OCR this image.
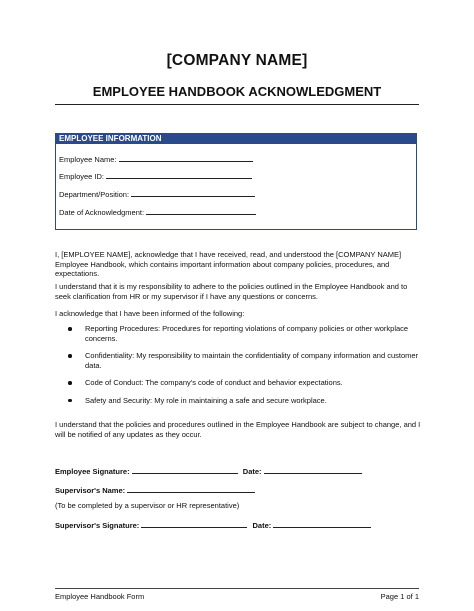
[COMPANY NAME]
EMPLOYEE HANDBOOK ACKNOWLEDGMENT
EMPLOYEE INFORMATION
Employee Name:
Employee ID:
Department/Position:
Date of Acknowledgment:
I, [EMPLOYEE NAME], acknowledge that I have received, read, and understood the [COMPANY NAME] Employee Handbook, which contains important information about company policies, procedures, and expectations.
I understand that it is my responsibility to adhere to the policies outlined in the Employee Handbook and to seek clarification from HR or my supervisor if I have any questions or concerns.
I acknowledge that I have been informed of the following:
Reporting Procedures: Procedures for reporting violations of company policies or other workplace concerns.
Confidentiality: My responsibility to maintain the confidentiality of company information and customer data.
Code of Conduct: The company's code of conduct and behavior expectations.
Safety and Security: My role in maintaining a safe and secure workplace.
I understand that the policies and procedures outlined in the Employee Handbook are subject to change, and I will be notified of any updates as they occur.
Employee Signature:	Date:
Supervisor's Name:
(To be completed by a supervisor or HR representative)
Supervisor's Signature:	Date:
Employee Handbook Form	Page 1 of 1
